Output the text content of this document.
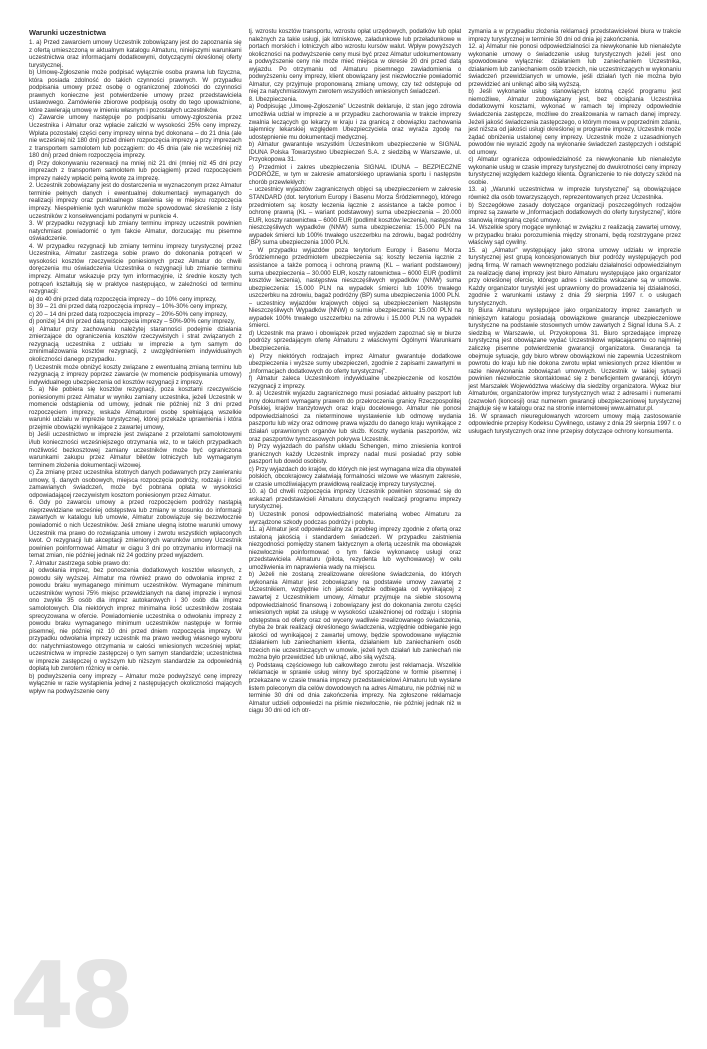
Warunki uczestnictwa

1. a) Przed zawarciem umowy Uczestnik zobowiązany jest do zapoznania się z ofertą umieszczoną w aktualnym katalogu Almaturu, niniejszymi warunkami uczestnictwa oraz informacjami dodatkowymi, dotyczącymi określonej oferty turystycznej.

b) Umowę-Zgłoszenie może podpisać wyłącznie osoba prawna lub fizyczna, która posiada zdolność do takich czynności prawnych. W przypadku podpisania umowy przez osobę o ograniczonej zdolności do czynności prawnych konieczne jest potwierdzenie umowy przez przedstawiciela ustawowego. Zamówienie zbiorowe podpisują osoby do tego upoważnione, które zawierają umowę w imieniu własnym i pozostałych uczestników.

c) Zawarcie umowy następuje po podpisaniu umowy-zgłoszenia przez Uczestnika i Almatur oraz wpłacie zaliczki w wysokości 25% ceny imprezy. Wpłata pozostałej części ceny imprezy winna być dokonana – do 21 dnia (ale nie wcześniej niż 180 dni) przed dniem rozpoczęcia imprezy a przy imprezach z transportem samolotem lub począgiem: do 45 dnia (ale nie wcześniej niż 180 dni) przed dniem rozpoczęcia imprezy.

d) Przy dokonywaniu rezerwacji na mniej niż 21 dni (mniej niż 45 dni przy imprezach z transportem samolotem lub pociągiem) przed rozpoczęciem imprezy należy wpłacić pełną kwotę za imprezę.

2. Uczestnik zobowiązany jest do dostarczenia w wyznaczonym przez Almatur terminie pełnych danych i ewentualnej dokumentacji wymaganych do realizacji imprezy oraz punktualnego stawienia się w miejscu rozpoczęcia imprezy. Niespełnienie tych warunków może spowodować skreślenie z listy uczestników z konsekwencjami podanymi w punkcie 4.

3. W przypadku rezygnacji lub zmiany terminu imprezy uczestnik powinien natychmiast powiadomić o tym fakcie Almatur, dorzucając mu pisemne oświadczenie.

4. W przypadku rezygnacji lub zmiany terminu imprezy turystycznej przez Uczestnika, Almatur zastrzega sobie prawo do dokonania potrąceń w wysokości kosztów rzeczywiście poniesionych przez Almatur do chwili doręczenia mu oświadczenia Uczestnika o rezygnacji lub zmianie terminu imprezy. Almatur wskazuje przy tym informacyjnie, iż średnie koszty tych potrąceń kształtują się w praktyce następująco, w zależności od terminu rezygnacji:

a) do 40 dni przed datą rozpoczęcia imprezy – do 10% ceny imprezy,

b) 39 – 21 dni przed datą rozpoczęcia imprezy – 10%-30% ceny imprezy,

c) 20 – 14 dni przed datą rozpoczęcia imprezy – 20%-50% ceny imprezy,

d) poniżej 14 dni przed datą rozpoczęcia imprezy – 50%-90% ceny imprezy,

e) Almatur przy zachowaniu należytej staranności podejmie działania zmierzające do ograniczenia kosztów rzeczywistych i strat związanych z rezygnacją uczestnika z udziału w imprezie a tym samym do zminimalizowania kosztów rezygnacji, z uwzględnieniem indywidualnych okoliczności danego przypadku.

f) Uczestnik może obniżyć koszty związane z ewentualną zmianą terminu lub rezygnacją z imprezy poprzez zawarcie (w momencie podpisywania umowy) indywidualnego ubezpieczenia od kosztów rezygnacji z imprezy.

5. a) Nie pobiera się kosztów rezygnacji, poza kosztami rzeczywiście poniesionymi przez Almatur w wyniku zamiany uczestnika, jeżeli Uczestnik w momencie odstąpienia od umowy, jednak nie później niż 3 dni przed rozpoczęciem imprezy, wskaże Almaturowi osobę spełniającą wszelkie warunki udziału w imprezie turystycznej, której przekaże uprawnienia i która przejmie obowiązki wynikające z zawartej umowy,

b) Jeśli uczestnictwo w imprezie jest związane z przelotami samolotowymi i/lub konieczności wcześniejszego otrzymania wiz, to w takich przypadkach możliwość bezkosztowej zamiany uczestników może być ograniczona warunkami zakupu przez Almatur biletów lotniczych lub wymaganym terminem złożenia dokumentacji wizowej.

c) Za zmianę przez uczestnika istotnych danych podawanych przy zawieraniu umowy, tj. danych osobowych, miejsca rozpoczęcia podróży, rodzaju i ilości zamawianych świadczeń, może być pobrana opłata w wysokości odpowiadającej rzeczywistym kosztom poniesionym przez Almatur.

6. Gdy po zawarciu umowy a przed rozpoczęciem podróży nastąpią nieprzewidziane wcześniej odstępstwa lub zmiany w stosunku do informacji zawartych w katalogu lub umowie, Almatur zobowiązuje się bezzwłocznie powiadomić o nich Uczestników. Jeśli zmiane ulegną istotne warunki umowy Uczestnik ma prawo do rozwiązania umowy i zwrotu wszystkich wpłaconych kwot. O rezygnacji lub akceptacji zmienionych warunków umowy Uczestnik powinien poinformować Almatur w ciągu 3 dni po otrzymaniu informacji na temat zmian, nie później jednak niż 24 godziny przed wyjazdem.

7. Almatur zastrzega sobie prawo do:

a) odwołania imprez, bez ponoszenia dodatkowych kosztów własnych, z powodu siły wyższej. Almatur ma również prawo do odwołania imprez z powodu braku wymaganego minimum uczestników. Wymagane minimum uczestników wynosi 75% miejsc przewidzianych na danej imprezie i wynosi ono zwykle 35 osób dla imprez autokarowych i 30 osób dla imprez samolotowych. Dla niektórych imprez minimalna ilość uczestników została sprecyzowana w ofercie. Powiadomienie uczestnika o odwołaniu imprezy z powodu braku wymaganego minimum uczestników następuje w formie pisemnej, nie później niż 10 dni przed dniem rozpoczęcia imprezy. W przypadku odwołania imprezy uczestnik ma prawo według własnego wyboru do: natychmiastowego otrzymania w całości wniesionych wcześniej wpłat; uczestnictwa w imprezie zastępczej o tym samym standardzie; uczestnictwa w imprezie zastępczej o wyższym lub niższym standardzie za odpowiednią dopłatą lub zwrotem różnicy w cenie.

b) podwyższenia ceny imprezy – Almatur może podwyższyć cenę imprezy wyłącznie w razie wystąpienia jednej z następujących okoliczności mających wpływ na podwyższenie ceny

tj. wzrostu kosztów transportu, wzrostu opłat urzędowych, podatków lub opłat należnych za takie usługi, jak lotniskowe, załadunkowe lub przeładunkowe w portach morskich i lotniczych albo wzrostu kursów walut. Wpływ powyższych okoliczności na podwyższenie ceny musi być przez Almatur udokumentowany a podwyższenie ceny nie może mieć miejsca w okresie 20 dni przed datą wyjazdu. Po otrzymaniu od Almaturu pisemnego zawiadomienia o podwyższeniu ceny imprezy, klient obowiązany jest niezwłocznie powiadomić Almatur, czy przyjmuje proponowaną zmianę umowy, czy też odstępuje od niej za natychmiastowym zwrotem wszystkich wniesionych świadczeń.

8. Ubezpieczenia.

a) Podpisując „Umowę-Zgłoszenie” Uczestnik deklaruje, iż stan jego zdrowia umożliwia udział w imprezie a w przypadku zachorowania w trakcie imprezy zwalnia leczących go lekarzy w kraju i za granicą z obowiązku zachowania tajemnicy lekarskiej względem Ubezpieczyciela oraz wyraża zgodę na udostępnienie mu dokumentacji medycznej.

b) Almatur gwarantuje wszystkim Uczestnikom ubezpieczenie w SIGNAL IDUNA Polska Towarzystwo Ubezpieczeń S.A. z siedzibą w Warszawie, ul. Przyokopowa 31.

c) Przedmiot i zakres ubezpieczenia SIGNAL IDUNA – BEZPIECZNE PODRÓŻE, w tym w zakresie amatorskiego uprawiania sportu i następstw chorób przewlekłych:

– uczestnicy wyjazdów zagranicznych objęci są ubezpieczeniem w zakresie STANDARD (dot. terytorium Europy i Basenu Morza Śródziemnego), którego przedmiotem są: koszty leczenia łącznie z assistance a także pomoc i ochronę prawną (KL – wariant podstawowy) suma ubezpieczenia – 20.000 EUR, koszty ratownictwa – 6000 EUR (podlimit kosztów leczenia), następstwa nieszczęśliwych wypadków (NNW) suma ubezpieczenia: 15.000 PLN na wypadek śmierci lub 100% trwałego uszczerbku na zdrowiu, bagaż podróżny (BP) suma ubezpieczenia 1000 PLN.

– W przypadku wyjazdów poza terytorium Europy i Basenu Morza Śródziemnego przedmiotem ubezpieczenia są: koszty leczenia łącznie z assistance a także pomocą i ochroną prawną (KL – wariant podstawowy) suma ubezpieczenia – 30.000 EUR, koszty ratownictwa – 6000 EUR (podlimit kosztów leczenia), następstwa nieszczęśliwych wypadków (NNW) suma ubezpieczenia: 15.000 PLN na wypadek śmierci lub 100% trwałego uszczerbku na zdrowiu, bagaż podróżny (BP) suma ubezpieczenia 1000 PLN.

– uczestnicy wyjazdów krajowych objęci są ubezpieczeniem Następstw Nieszczęśliwych Wypadków (NNW) o sumie ubezpieczenia: 15.000 PLN na wypadek 100% trwałego uszczerbku na zdrowiu i 15.000 PLN na wypadek śmierci.

d) Uczestnik ma prawo i obowiązek przed wyjazdem zapoznać się w biurze podróży sprzedającym ofertę Almaturu z właściwymi Ogólnymi Warunkami Ubezpieczenia.

e) Przy niektórych rodzajach imprez Almatur gwarantuje dodatkowe ubezpieczenia i wyższe sumy ubezpieczeń, zgodnie z zapisami zawartymi w „Informacjach dodatkowych do oferty turystycznej”.

f) Almatur zaleca Uczestnikom indywidualne ubezpieczenie od kosztów rezygnacji z imprezy.

9. a) Uczestnik wyjazdu zagranicznego musi posiadać aktualny paszport lub inny dokument wymagany prawem do przekroczenia granicy Rzeczpospolitej Polskiej, krajów tranzytowych oraz kraju docelowego. Almatur nie ponosi odpowiedzialności za nieterminowe wystawienie lub odmowę wydania paszportu lub wizy oraz odmowę prawa wjazdu do danego kraju wynikające z działań uprawnionych organów lub służb. Koszty wydania paszportów, wiz oraz paszportów tymczasowych pokrywa Uczestnik.

b) Przy wyjazdach do państw układu Schengen, mimo zniesienia kontroli granicznych każdy Uczestnik imprezy nadal musi posiadać przy sobie paszport lub dowód osobisty.

c) Przy wyjazdach do krajów, do których nie jest wymagana wiza dla obywateli polskich, obcokrajowcy załatwiają formalności wizowe we własnym zakresie, w czasie umożliwiającym prawidłową realizację imprezy turystycznej.

10. a) Od chwili rozpoczęcia imprezy Uczestnik powinien stosować się do wskazań przedstawicieli Almaturu dotyczących realizacji programu imprezy turystycznej.

b) Uczestnik ponosi odpowiedzialność materialną wobec Almaturu za wyrządzone szkody podczas podróży i pobytu.

11. a) Almatur jest odpowiedzialny za przebieg imprezy zgodnie z ofertą oraz ustaloną jakością i standardem świadczeń. W przypadku zaistnienia niezgodności pomiędzy stanem faktycznym a ofertą uczestnik ma obowiązek niezwłocznie poinformować o tym fakcie wykonawcę usługi oraz przedstawiciela Almaturu (pilota, rezydenta lub wychowawcę) w celu umożliwienia im naprawienia wady na miejscu.

b) Jeżeli nie zostaną zrealizowane określone świadczenia, do których wykonania Almatur jest zobowiązany na podstawie umowy zawartej z Uczestnikiem, względnie ich jakość będzie odbiegała od wynikającej z zawartej z Uczestnikiem umowy, Almatur przyjmuje na siebie stosowną odpowiedzialność finansową i zobowiązany jest do dokonania zwrotu części wniesionych wpłat za usługę w wysokości uzależnionej od rodzaju i stopnia odstępstwa od oferty oraz od wyceny wadliwie zrealizowanego świadczenia, chyba że brak realizacji określonego świadczenia, względnie odbieganie jego jakości od wynikającej z zawartej umowy, będzie spowodowane wyłącznie działaniem lub zaniechaniem klienta, działaniem lub zaniechaniem osób trzecich nie uczestniczących w umowie, jeżeli tych działań lub zaniechań nie można było przewidzieć lub uniknąć, albo siłą wyższą.

c) Podstawą częściowego lub całkowitego zwrotu jest reklamacja. Wszelkie reklamacje w sprawie usług winny być sporządzone w formie pisemnej i przekazane w czasie trwania imprezy przedstawicielowi Almaturu lub wysłane listem poleconym dla celów dowodowych na adres Almaturu, nie później niż w terminie 30 dni od dnia zakończenia imprezy. Na zgłoszone reklamacje Almatur udzieli odpowiedzi na piśmie niezwłocznie, nie później jednak niż w ciągu 30 dni od ich otr-

zymania a w przypadku złożenia reklamacji przedstawicielowi biura w trakcie imprezy turystycznej w terminie 30 dni od dnia jej zakończenia.

12. a) Almatur nie ponosi odpowiedzialności za niewykonanie lub nienależyte wykonanie umowy o świadczenie usług turystycznych jeżeli jest ono spowodowane wyłącznie: działaniem lub zaniechaniem Uczestnika, działaniem lub zaniechaniem osób trzecich, nie uczestniczących w wykonaniu świadczeń przewidzianych w umowie, jeśli działań tych nie można było przewidzieć ani uniknąć albo siłą wyższą.

b) Jeśli wykonanie usług stanowiących istotną część programu jest niemożliwe, Almatur zobowiązany jest, bez obciążania Uczestnika dodatkowymi kosztami, wykonać w ramach tej imprezy odpowiednie świadczenia zastępcze, możliwe do zrealizowania w ramach danej imprezy. Jeżeli jakość świadczenia zastępczego, o którym mowa w poprzednim zdaniu, jest niższa od jakości usługi określonej w programie imprezy, Uczestnik może żądać obniżenia ustalonej ceny imprezy. Uczestnik może z uzasadnionych powodów nie wyrazić zgody na wykonanie świadczeń zastępczych i odstąpić od umowy.

c) Almatur ogranicza odpowiedzialność za niewykonanie lub nienależyte wykonanie usług w czasie imprezy turystycznej do dwukrotności ceny imprezy turystycznej względem każdego klienta. Ograniczenie to nie dotyczy szkód na osobie.

13. a) „Warunki uczestnictwa w imprezie turystycznej” są obowiązujące również dla osób towarzyszących, reprezentowanych przez Uczestnika.

b) Szczegółowe zasady dotyczące organizacji poszczególnych rodzajów imprez są zawarte w „Informacjach dodatkowych do oferty turystycznej”, które stanowią integralną część umowy.

14. Wszelkie spory mogące wyniknąć w związku z realizacją zawartej umowy, w przypadku braku porozumienia między stronami, będą rozstrzygane przez właściwy sąd cywilny.

15. a) „Almatur” występujący jako strona umowy udziału w imprezie turystycznej jest grupą koncesjonowanych biur podróży występujących pod jedną firmą. W ramach wewnętrznego podziału działalności odpowiedzialnym za realizację danej imprezy jest biuro Almaturu występujące jako organizator przy określonej ofercie, którego adres i siedziba wskazane są w umowie. Każdy organizator turystyki jest uprawniony do prowadzenia tej działalności, zgodnie z warunkami ustawy z dnia 29 sierpnia 1997 r. o usługach turystycznych.

b) Biura Almaturu występujące jako organizatorzy imprez zawartych w niniejszym katalogu posiadają obowiązkowe gwarancje ubezpieczeniowe turystyczne na podstawie stosownych umów zawartych z Signal Iduna S.A. z siedzibą w Warszawie, ul. Przyokopowa 31. Biuro sprzedające imprezę turystyczną jest obowiązane wydać Uczestnikowi wpłacającemu co najmniej zaliczkę pisemne potwierdzenie gwarancji organizatora. Gwarancja ta obejmuje sytuacje, gdy biuro wbrew obowiązkowi nie zapewnia Uczestnikom powrotu do kraju lub nie dokona zwrotu wpłat wniesionych przez klientów w razie niewykonania zobowiązań umownych. Uczestnik w takiej sytuacji powinien niezwłocznie skontaktować się z beneficjentem gwarancji, którym jest Marszałek Województwa właściwy dla siedziby organizatora. Wykaz biur Almaturów, organizatorów imprez turystycznych wraz z adresami i numerami (zezwoleń (koncesji) oraz numerem gwarancji ubezpieczeniowej turystycznej znajduje się w katalogu oraz na stronie internetowej www.almatur.pl.

16. W sprawach nieuregulowanych wzorcem umowy mają zastosowanie odpowiednie przepisy Kodeksu Cywilnego, ustawy z dnia 29 sierpnia 1997 r. o usługach turystycznych oraz inne przepisy dotyczące ochrony konsumenta.

48
